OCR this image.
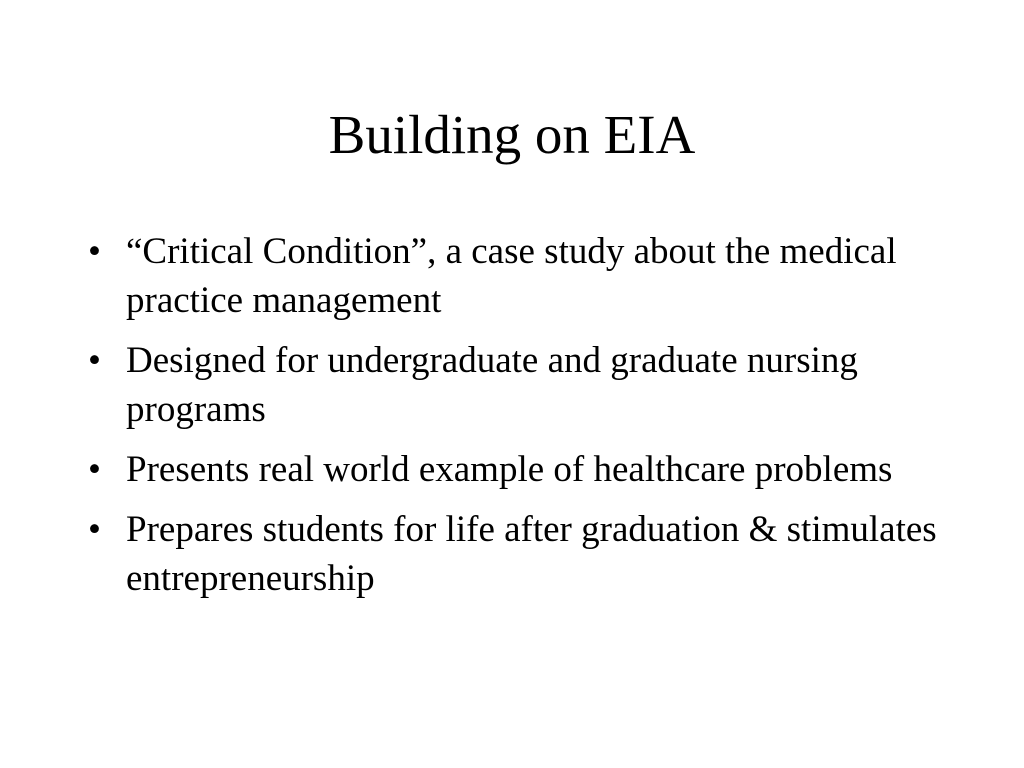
Building on EIA
• “Critical Condition”, a case study about the medical practice management
• Designed for undergraduate and graduate nursing programs
• Presents real world example of healthcare problems
• Prepares students for life after graduation & stimulates entrepreneurship
